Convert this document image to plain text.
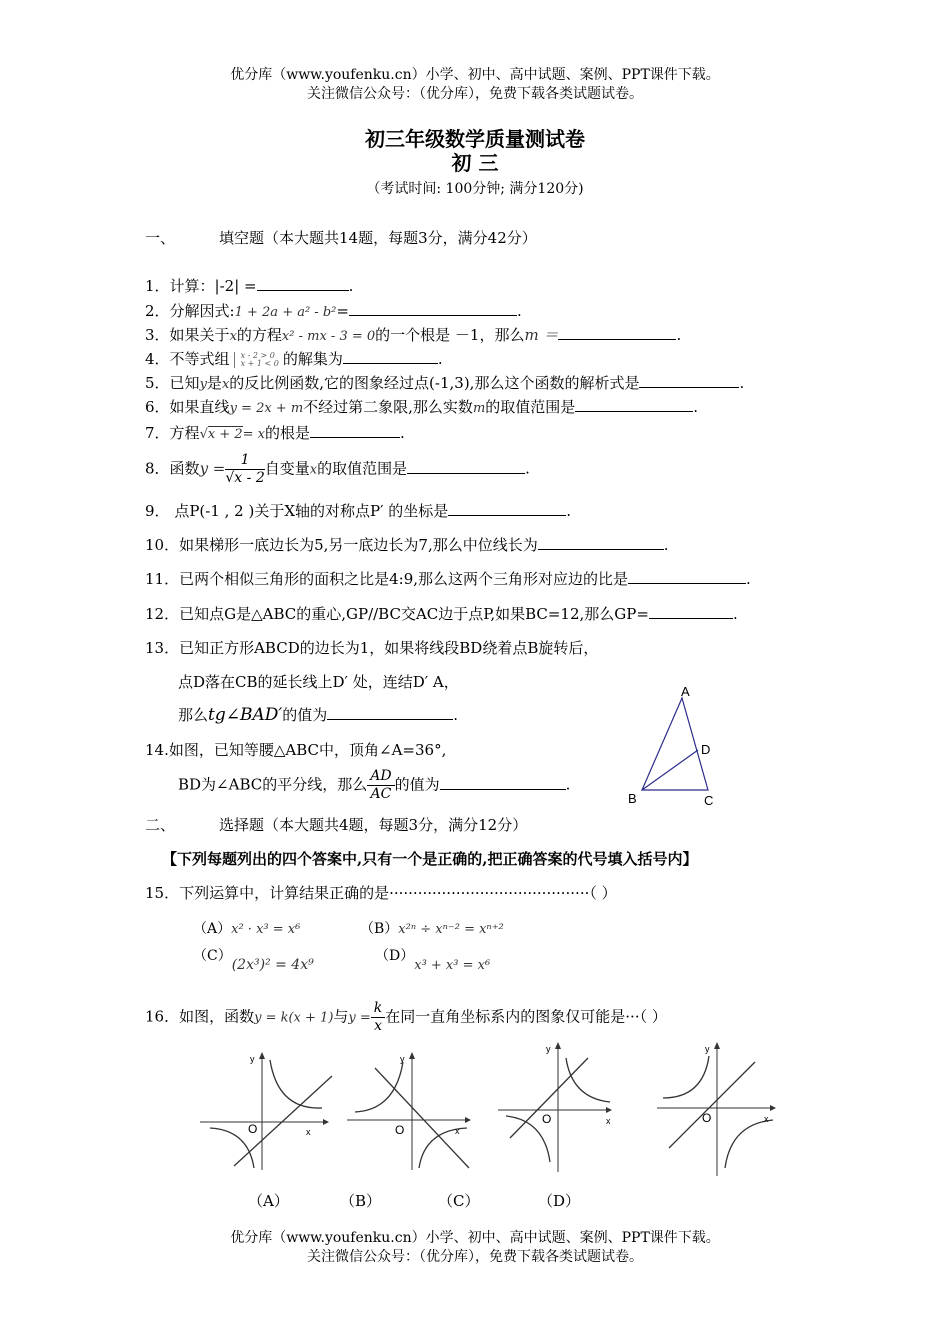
优分库（www.youfenku.cn）小学、初中、高中试题、案例、PPT课件下载。
关注微信公众号：（优分库），免费下载各类试题试卷。
初三年级数学质量测试卷
初 三
（考试时间: 100分钟; 满分120分)
一、	填空题（本大题共14题，每题3分，满分42分）
1．计算：|-2| =	.
2．分解因式:1 + 2a + a² - b²=	.
3．如果关于x的方程x² - mx - 3 = 0的一个根是 －1，那么m ＝	.
4．不等式组 x - 2 > 0
x + 1 < 0 的解集为	.
5．已知y是x的反比例函数,它的图象经过点(-1,3),那么这个函数的解析式是	.
6．如果直线y = 2x + m不经过第二象限,那么实数m的取值范围是	.
7．方程√x + 2= x的根是	.
8．函数$y = \frac{1}{√x - 2}$ 自变量x的取值范围是	.
9． 点P(-1 , 2 )关于X轴的对称点P′ 的坐标是	.
10．如果梯形一底边长为5,另一底边长为7,那么中位线长为	.
11．已两个相似三角形的面积之比是4:9,那么这两个三角形对应边的比是	.
12．已知点G是△ABC的重心,GP//BC交AC边于点P,如果BC=12,那么GP=	.
13．已知正方形ABCD的边长为1，如果将线段BD绕着点B旋转后，
点D落在CB的延长线上D′ 处，连结D′ A，
那么tg∠BAD′的值为	.
14.如图，已知等腰△ABC中，顶角∠A=36°,
BD为∠ABC的平分线，那么 $\frac{AD}{AC}$ 的值为	.
A
D
B	C
二、	选择题（本大题共4题，每题3分，满分12分）
【下列每题列出的四个答案中,只有一个是正确的,把正确答案的代号填入括号内】
15．下列运算中，计算结果正确的是··········································（ ）
（A）x² · x³ = x⁶	（B）x²ⁿ ÷ xⁿ⁻² = xⁿ⁺²
（C）(2x³)² = 4x⁹
（D）x³ + x³ = x⁶
16．如图，函数y = k(x + 1)与$y = \frac{k}{x}$ 在同一直角坐标系内的图象仅可能是···（ ）
O	x
y
O	x
y
O	x
y
O	x
y
（A）	（B）	（C）	（D）
优分库（www.youfenku.cn）小学、初中、高中试题、案例、PPT课件下载。
关注微信公众号：（优分库），免费下载各类试题试卷。
